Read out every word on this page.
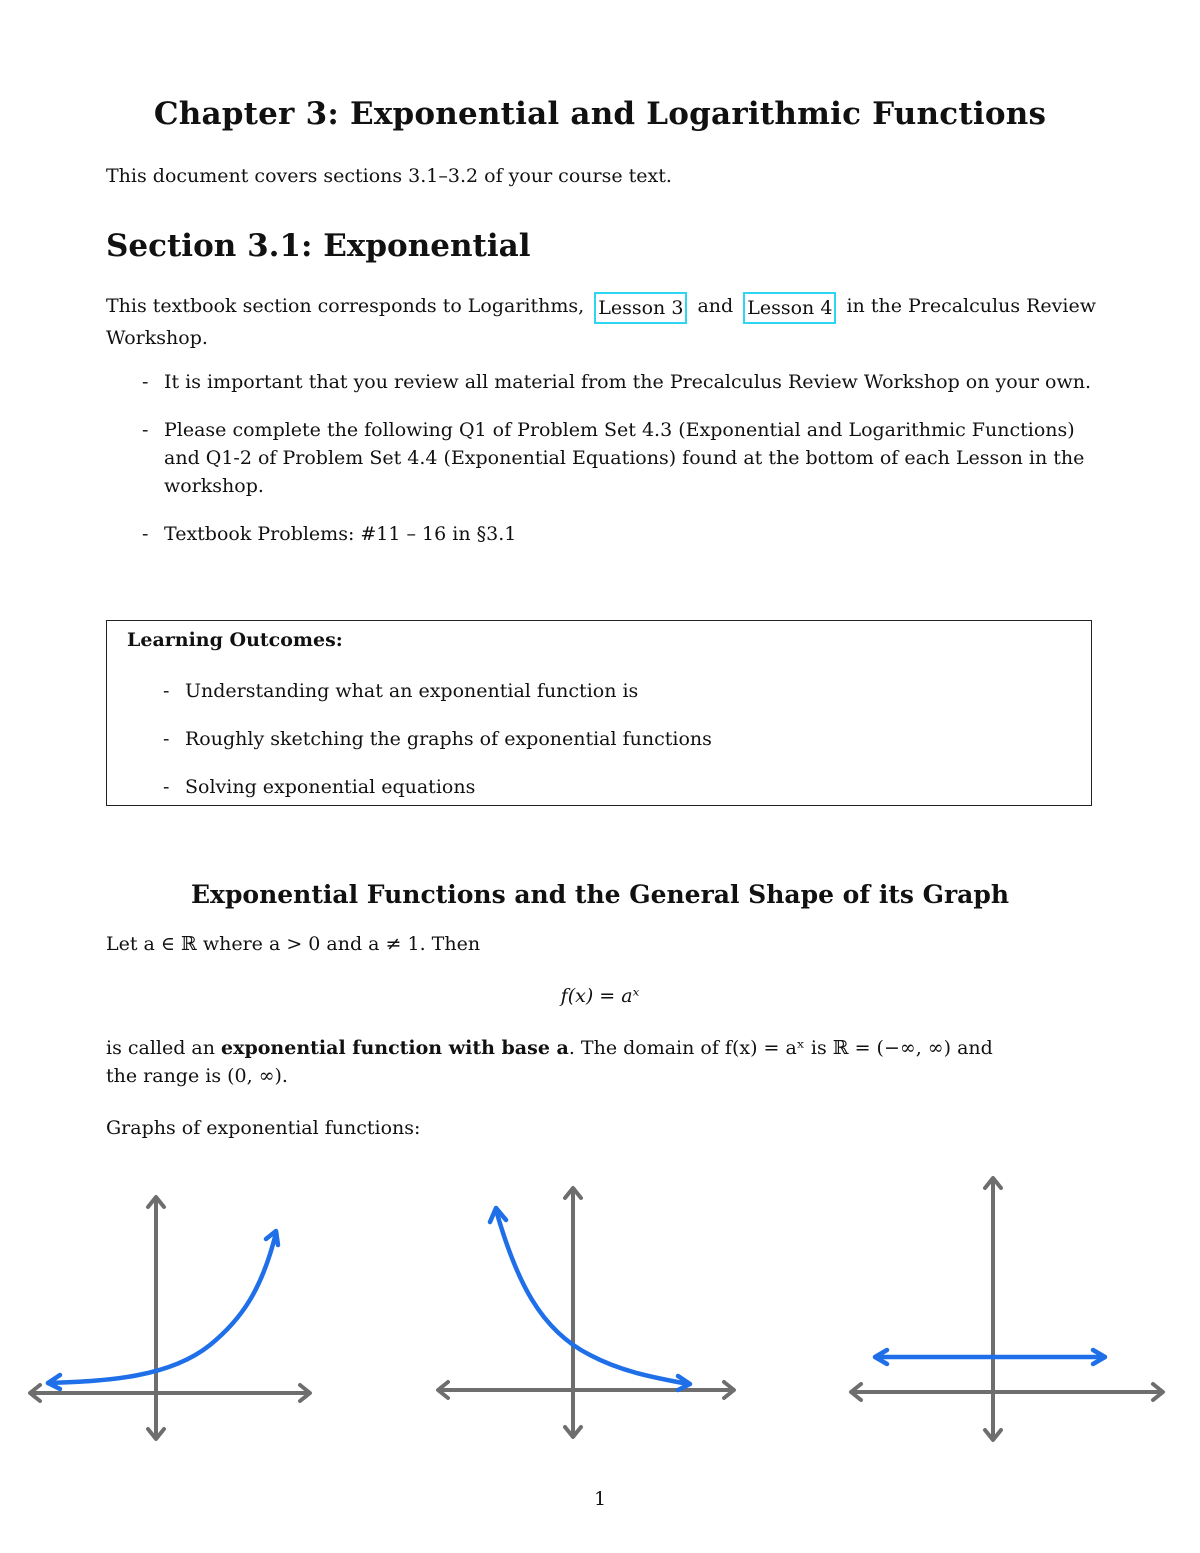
Chapter 3: Exponential and Logarithmic Functions
This document covers sections 3.1–3.2 of your course text.
Section 3.1: Exponential
This textbook section corresponds to Logarithms, Lesson 3 and Lesson 4 in the Precalculus Review
Workshop.
- It is important that you review all material from the Precalculus Review Workshop on your own.
- Please complete the following Q1 of Problem Set 4.3 (Exponential and Logarithmic Functions) and Q1-2 of Problem Set 4.4 (Exponential Equations) found at the bottom of each Lesson in the workshop.
- Textbook Problems: #11 – 16 in §3.1
Learning Outcomes:
- Understanding what an exponential function is
- Roughly sketching the graphs of exponential functions
- Solving exponential equations
Exponential Functions and the General Shape of its Graph
Let a ∈ ℝ where a > 0 and a ≠ 1. Then
f(x) = aˣ
is called an exponential function with base a. The domain of f(x) = aˣ is ℝ = (−∞, ∞) and
the range is (0, ∞).
Graphs of exponential functions:
1
